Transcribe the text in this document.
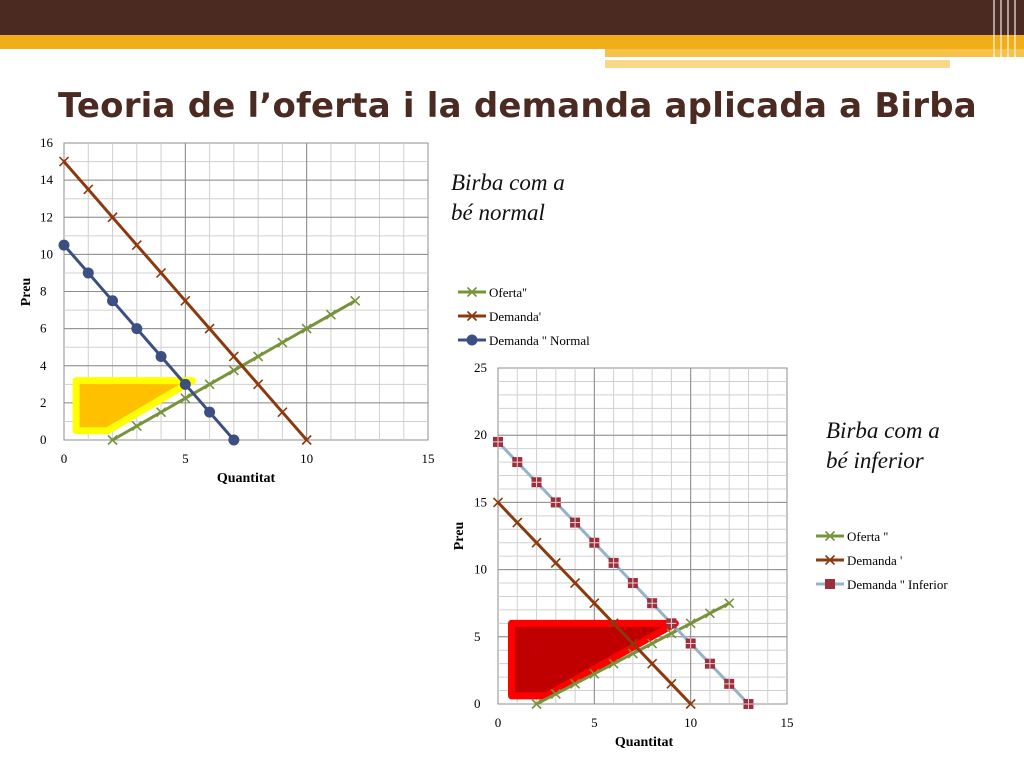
Teoria de l’oferta i la demanda aplicada a Birba
Birba com a
bé normal
Birba com a
bé inferior
0
2
4
6
8
10
12
14
16
0	5	10	15
Quantitat
Preu	Oferta''
Demanda'
Demanda '' Normal
0
5
10
15
20
25
0	5	10	15
Quantitat
Preu	Oferta ''
Demanda '
Demanda '' Inferior
